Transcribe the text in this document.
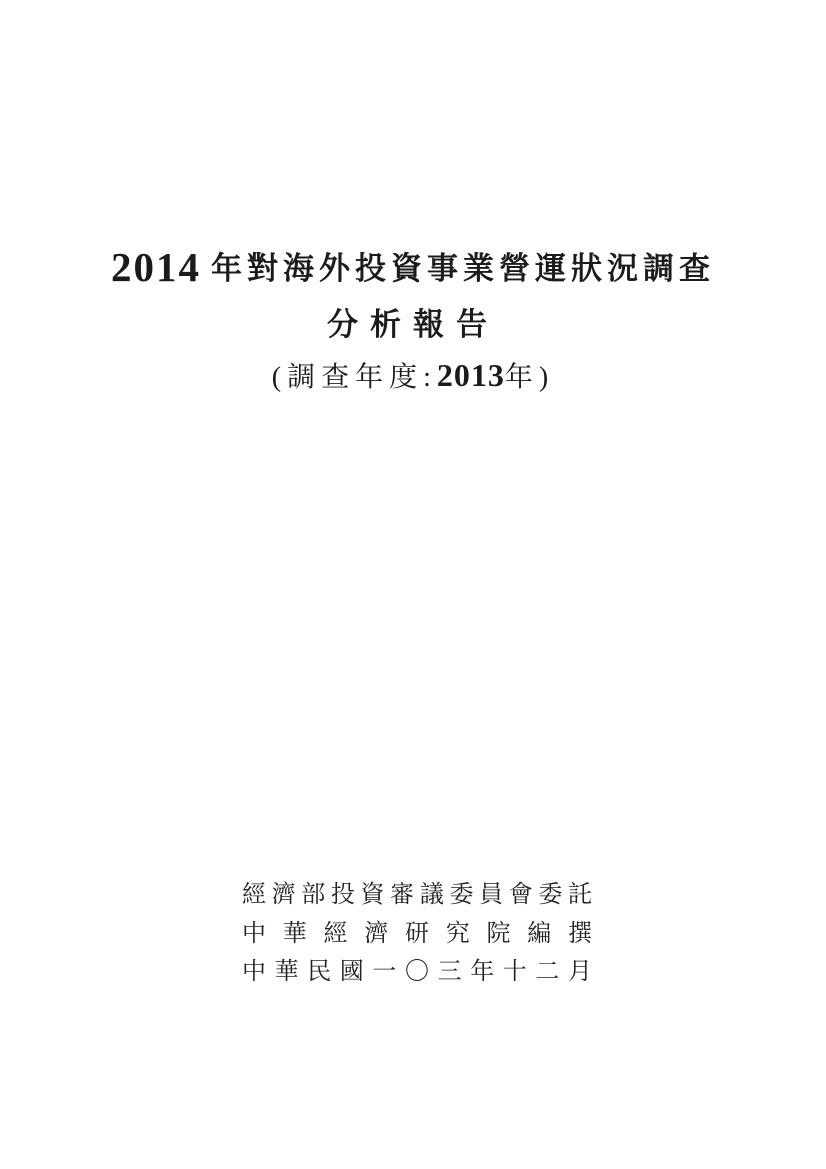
2014 年對海外投資事業營運狀況調查
分析報告
(調查年度:2013年)
經濟部投資審議委員會委託
中華經濟研究院編撰
中華民國一〇三年十二月
